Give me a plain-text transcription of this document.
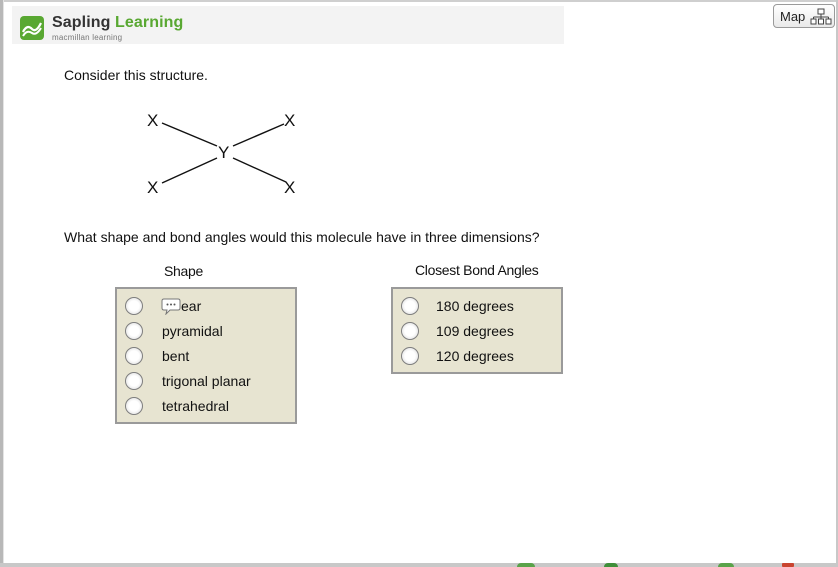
Sapling Learning
macmillan learning
Map
Consider this structure.
X	X
Y
X	X
What shape and bond angles would this molecule have in three dimensions?
Shape	Closest Bond Angles
ear
pyramidal
bent
trigonal planar
tetrahedral
180 degrees
109 degrees
120 degrees
